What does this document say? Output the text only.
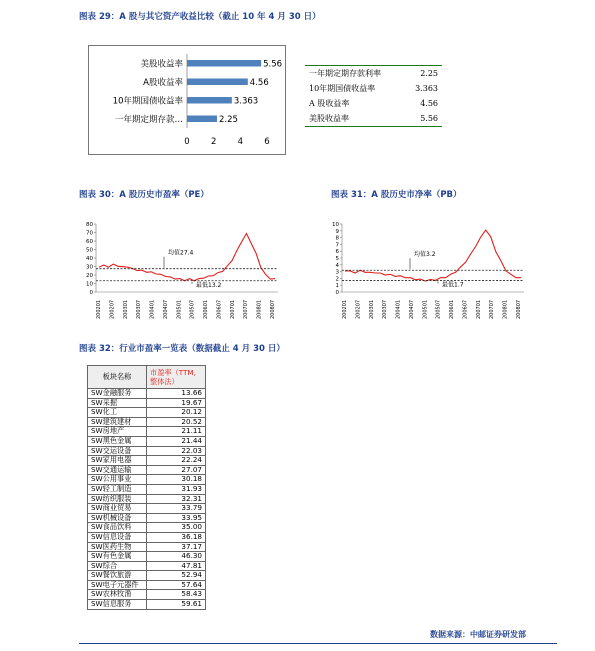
图表 29：A 股与其它资产收益比较（截止 10 年 4 月 30 日）
美股收益率	5.56
A股收益率	4.56
10年期国债收益率	3.363
一年期定期存款…	2.25
0 2 4 6
一年期定期存款利率	2.25
10年期国债收益率	3.363
A 股收益率	4.56
美股收益率	5.56
图表 30：A 股历史市盈率（PE）
0
10
20
30
40
50
60
70
80
200201 200207 200301 200307 200401 200407 200501 200507 200601 200607 200701 200707 200801 200807
均值27.4
最低13.2
图表 31：A 股历史市净率（PB）
0
1
2
3
4
5
6
7
8
9
10
200201 200207 200301 200307 200401 200407 200501 200507 200601 200607 200701 200707 200801 200807
均值3.2
最低1.7
图表 32：行业市盈率一览表（数据截止 4 月 30 日）
板块名称	市盈率（TTM,整体法）
SW金融服务	13.66
SW采掘	19.67
SW化工	20.12
SW建筑建材	20.52
SW房地产	21.11
SW黑色金属	21.44
SW交运设备	22.03
SW家用电器	22.24
SW交通运输	27.07
SW公用事业	30.18
SW轻工制造	31.93
SW纺织服装	32.31
SW商业贸易	33.79
SW机械设备	33.95
SW食品饮料	35.00
SW信息设备	36.18
SW医药生物	37.17
SW有色金属	46.30
SW综合	47.81
SW餐饮旅游	52.94
SW电子元器件	57.64
SW农林牧渔	58.43
SW信息服务	59.61
数据来源：中邮证券研发部
